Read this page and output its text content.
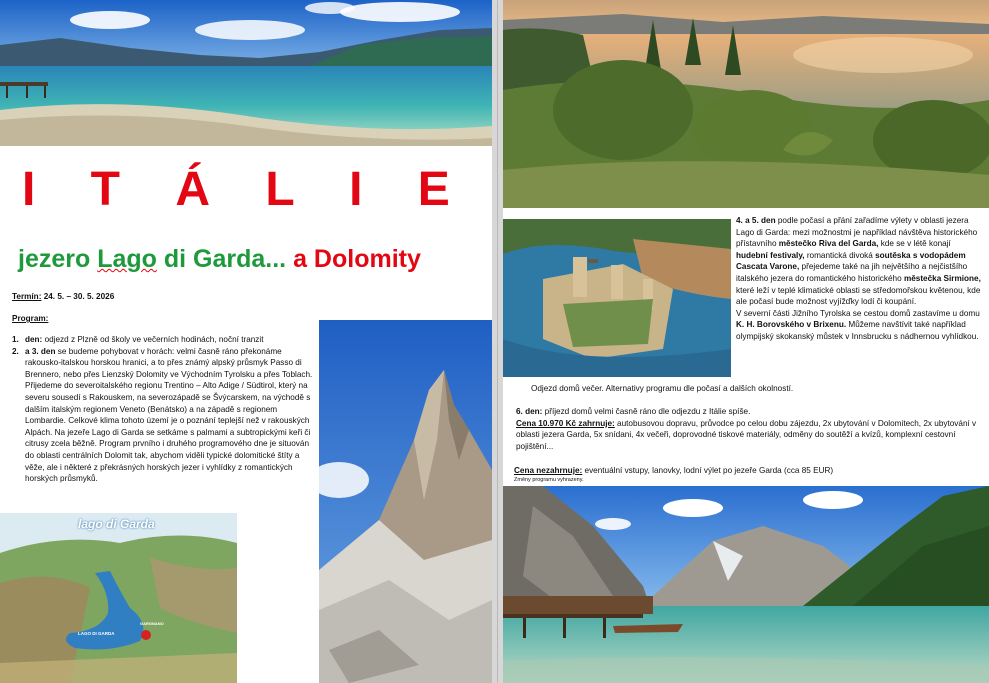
I T Á L I E
jezero Lago di Garda... a Dolomity
Termín: 24. 5. – 30. 5. 2026
Program:
1. den: odjezd z Plzně od školy ve večerních hodinách, noční tranzit
2. a 3. den se budeme pohybovat v horách: velmi časně ráno překonáme rakousko-italskou horskou hranici, a to přes známý alpský průsmyk Passo di Brennero, nebo přes Lienzský Dolomity ve Východním Tyrolsku a přes Toblach. Přijedeme do severoitalského regionu Trentino – Alto Adige / Südtirol, který na severu sousedí s Rakouskem, na severozápadě se Švýcarskem, na východě s dalším italským regionem Veneto (Benátsko) a na západě s regionem Lombardie. Celkové klima tohoto území je o poznání teplejší než v rakouských Alpách. Na jezeře Lago di Garda se setkáme s palmami a subtropickými keři či citrusy zcela běžně. Program prvního i druhého programového dne je situován do oblasti centrálních Dolomit tak, abychom viděli typické dolomitické štíty a věže, ale i některé z překrásných horských jezer i vyhlídky z romantických horských průsmyků.
lago di Garda
LAGO DI GARDA
GARGNANO
4. a 5. den podle počasí a přání zařadíme výlety v oblasti jezera Lago di Garda: mezi možnostmi je například návštěva historického přístavního městečko Riva del Garda, kde se v létě konají hudební festivaly, romantická divoká soutěska s vodopádem Cascata Varone, přejedeme také na jih největšího a nejčistšího italského jezera do romantického historického městečka Sirmione, které leží v teplé klimatické oblasti se středomořskou květenou, kde ale počasí bude možnost vyjížďky lodí či koupání.
V severní části Jižního Tyrolska se cestou domů zastavíme u domu K. H. Borovského v Brixenu. Můžeme navštívit také například olympijský skokanský můstek v Innsbrucku s nádhernou vyhlídkou.
Odjezd domů večer. Alternativy programu dle počasí a dalších okolností.
6. den: příjezd domů velmi časně ráno dle odjezdu z Itálie spíše.
Cena 10.970 Kč zahrnuje: autobusovou dopravu, průvodce po celou dobu zájezdu, 2x ubytování v Dolomitech, 2x ubytování v oblasti jezera Garda, 5x snídani, 4x večeři, doprovodné tiskové materiály, odměny do soutěží a kvízů, komplexní cestovní pojištění...
Cena nezahrnuje: eventuální vstupy, lanovky, lodní výlet po jezeře Garda (cca 85 EUR)
Změny programu vyhrazeny.
